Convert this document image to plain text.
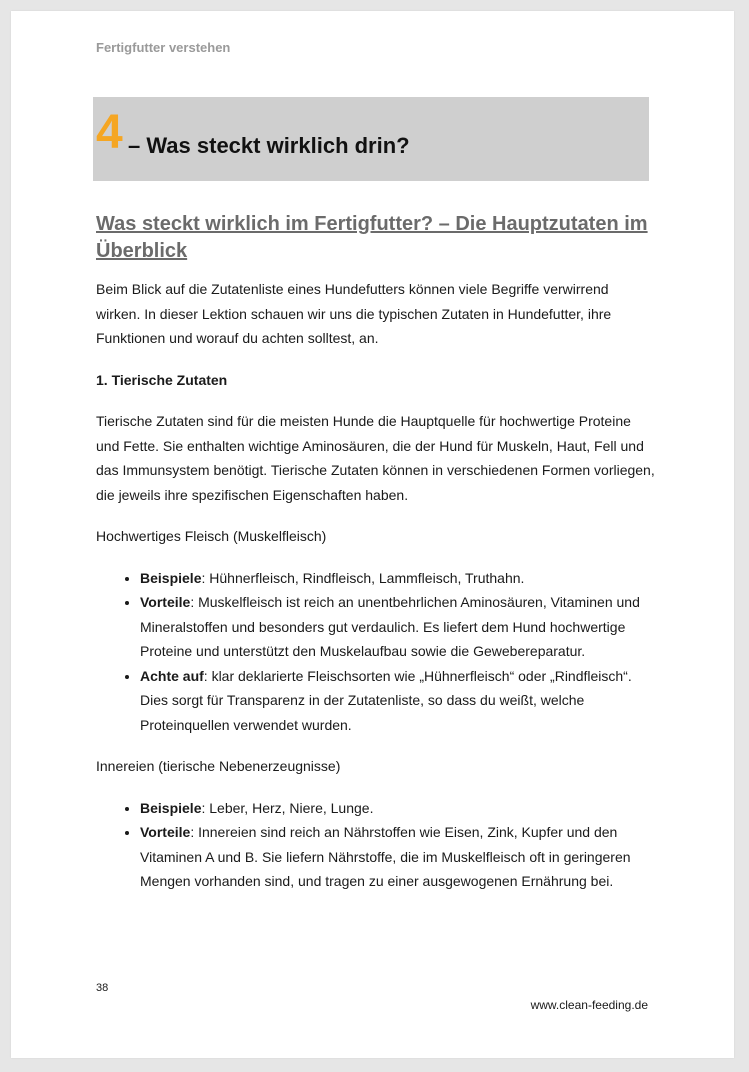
Fertigfutter verstehen
4 – Was steckt wirklich drin?
Was steckt wirklich im Fertigfutter? – Die Hauptzutaten im Überblick

Beim Blick auf die Zutatenliste eines Hundefutters können viele Begriffe verwirrend wirken. In dieser Lektion schauen wir uns die typischen Zutaten in Hundefutter, ihre Funktionen und worauf du achten solltest, an.

1. Tierische Zutaten

Tierische Zutaten sind für die meisten Hunde die Hauptquelle für hochwertige Proteine und Fette. Sie enthalten wichtige Aminosäuren, die der Hund für Muskeln, Haut, Fell und das Immunsystem benötigt. Tierische Zutaten können in verschiedenen Formen vorliegen, die jeweils ihre spezifischen Eigenschaften haben.

Hochwertiges Fleisch (Muskelfleisch)

• Beispiele: Hühnerfleisch, Rindfleisch, Lammfleisch, Truthahn.
• Vorteile: Muskelfleisch ist reich an unentbehrlichen Aminosäuren, Vitaminen und Mineralstoffen und besonders gut verdaulich. Es liefert dem Hund hochwertige Proteine und unterstützt den Muskelaufbau sowie die Gewebereparatur.
• Achte auf: klar deklarierte Fleischsorten wie „Hühnerfleisch“ oder „Rindfleisch“. Dies sorgt für Transparenz in der Zutatenliste, so dass du weißt, welche Proteinquellen verwendet wurden.

Innereien (tierische Nebenerzeugnisse)

• Beispiele: Leber, Herz, Niere, Lunge.
• Vorteile: Innereien sind reich an Nährstoffen wie Eisen, Zink, Kupfer und den Vitaminen A und B. Sie liefern Nährstoffe, die im Muskelfleisch oft in geringeren Mengen vorhanden sind, und tragen zu einer ausgewogenen Ernährung bei.
38
www.clean-feeding.de
